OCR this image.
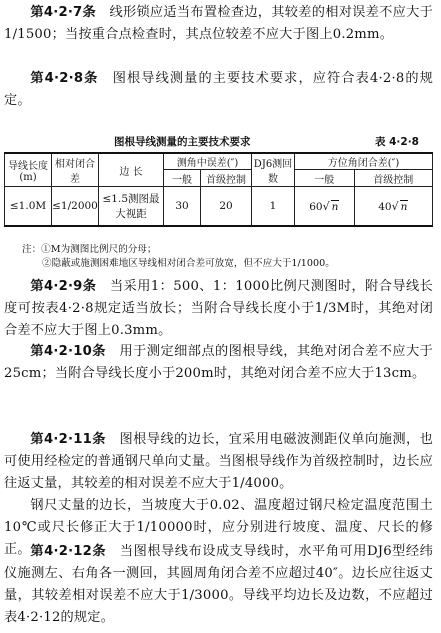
第4·2·7条　 线形锁应适当布置检查边，其较差的相对误差不应大于1/1500；当按重合点检查时，其点位较差不应大于图上0.2mm。

第4·2·8条　 图根导线测量的主要技术要求，应符合表4·2·8的规定。

图根导线测量的主要技术要求	表 4·2·8
导线长度(m)	相对闭合差	边 长	测角中误差(″)		DJ6测回数	方位角闭合差(″)	
			一般	首级控制		一般	首级控制
≤1.0M	≤1/2000	≤1.5测图最大视距	30	20	1	60√ n	40√ n
注：①M为测图比例尺的分母；
②隐蔽或施测困难地区导线相对闭合差可放宽，但不应大于1/1000。

第4·2·9条　 当采用1：500、1：1000比例尺测图时，附合导线长度可按表4·2·8规定适当放长；当附合导线长度小于1/3M时，其绝对闭合差不应大于图上0.3mm。

第4·2·10条　 用于测定细部点的图根导线，其绝对闭合差不应大于25cm；当附合导线长度小于200m时，其绝对闭合差不应大于13cm。

第4·2·11条　 图根导线的边长，宜采用电磁波测距仪单向施测，也可使用经检定的普通钢尺单向丈量。当图根导线作为首级控制时，边长应往返丈量，其较差的相对误差不应大于1/4000。

钢尺丈量的边长，当坡度大于0.02、温度超过钢尺检定温度范围土10℃或尺长修正大于1/10000时，应分别进行坡度、温度、尺长的修正。 第4·2·12条　 当图根导线布设成支导线时，水平角可用DJ6型经纬仪施测左、右角各一测回，其圆周角闭合差不应超过40″。边长应往返丈量，其较差相对误差不应大于1/3000。导线平均边长及边数，不应超过表4·2·12的规定。
